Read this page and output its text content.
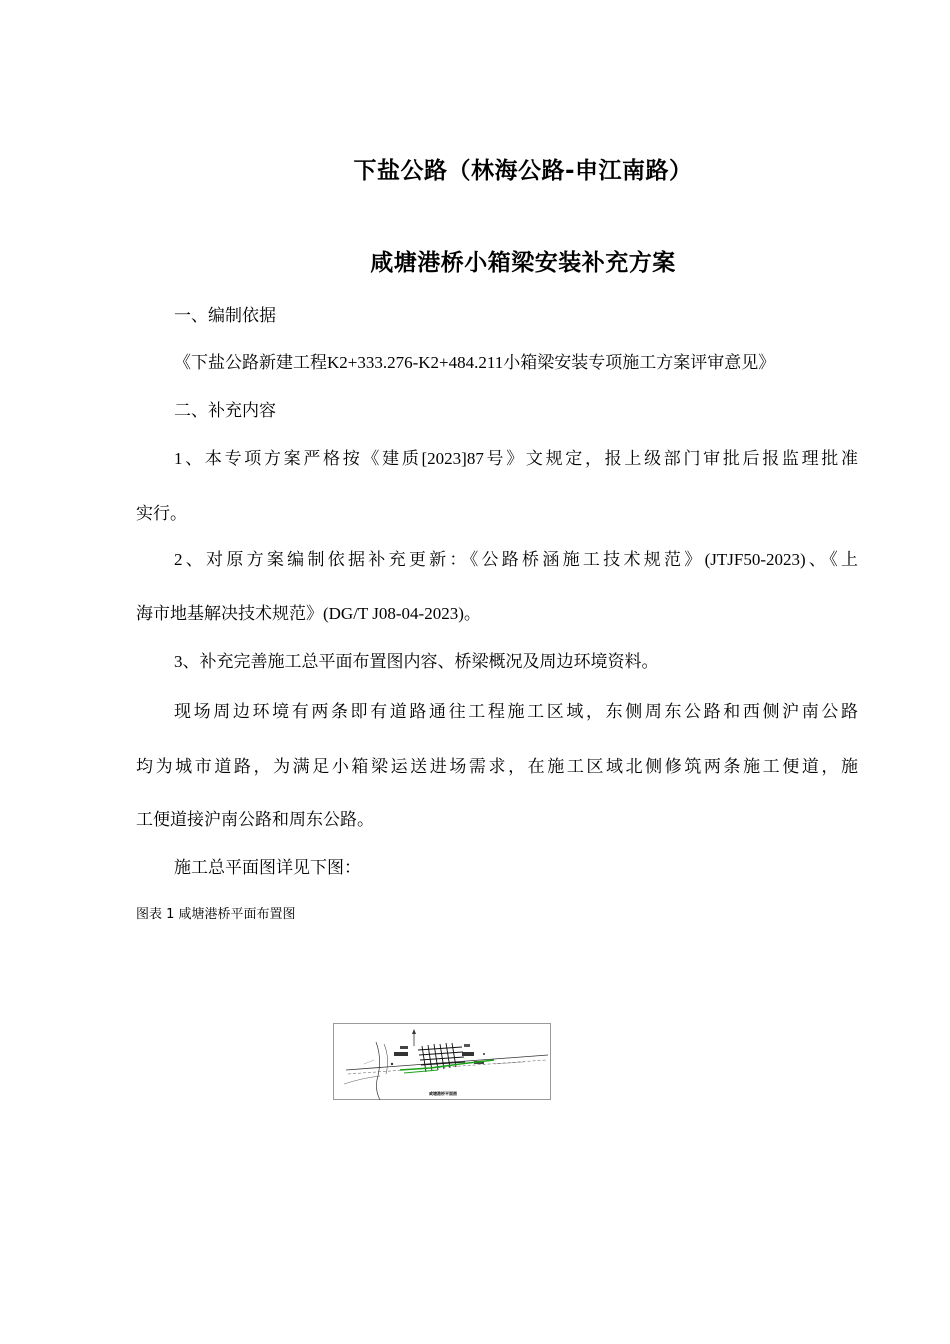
下盐公路（林海公路-申江南路）
咸塘港桥小箱梁安装补充方案
一、编制依据
《下盐公路新建工程K2+333.276-K2+484.211小箱梁安装专项施工方案评审意见》
二、补充内容
1、本专项方案严格按《建质[2023]87号》文规定，报上级部门审批后报监理批准
实行。
2、对原方案编制依据补充更新：《公路桥涵施工技术规范》(JTJF50-2023)、《上
海市地基解决技术规范》(DG/T J08-04-2023)。
3、补充完善施工总平面布置图内容、桥梁概况及周边环境资料。
现场周边环境有两条即有道路通往工程施工区域，东侧周东公路和西侧沪南公路
均为城市道路，为满足小箱梁运送进场需求，在施工区域北侧修筑两条施工便道，施
工便道接沪南公路和周东公路。
施工总平面图详见下图：
图表 1 咸塘港桥平面布置图
咸塘港桥平面图
